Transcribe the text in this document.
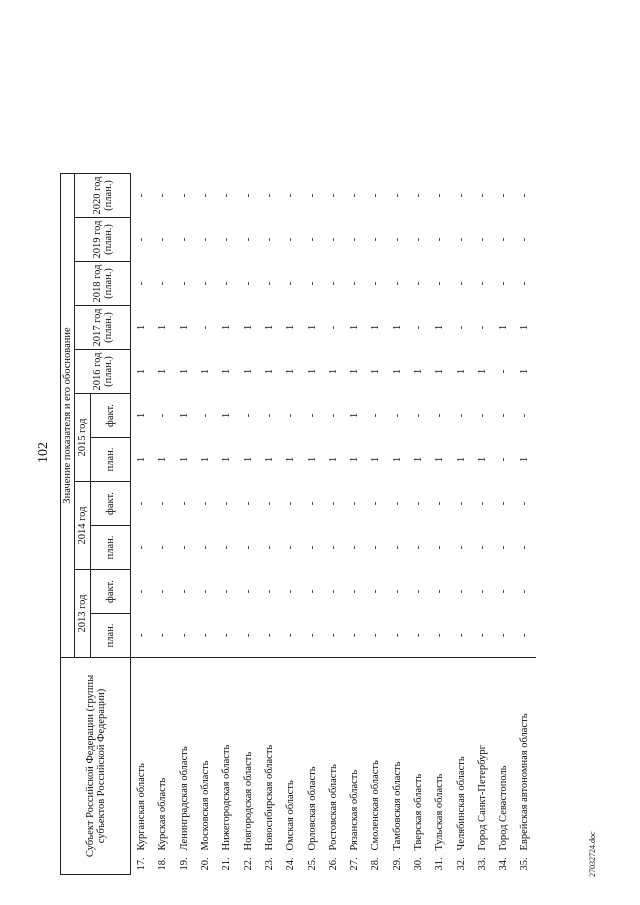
102
Субъект Российской Федерации (группы субъектов Российской Федерации)		Значение показателя и его обоснование										
		2013 год		2014 год		2015 год		2016 год (план.)	2017 год (план.)	2018 год (план.)	2019 год (план.)	2020 год (план.)
		план.	факт.	план.	факт.	план.	факт.					
17.	Курганская область	-	-	-	-	1	1	1	1	-	-	-
18.	Курская область	-	-	-	-	1	-	1	1	-	-	-
19.	Ленинградская область	-	-	-	-	1	1	1	1	-	-	-
20.	Московская область	-	-	-	-	1	-	1	-	-	-	-
21.	Нижегородская область	-	-	-	-	1	1	1	1	-	-	-
22.	Новгородская область	-	-	-	-	1	-	1	1	-	-	-
23.	Новосибирская область	-	-	-	-	1	-	1	1	-	-	-
24.	Омская область	-	-	-	-	1	-	1	1	-	-	-
25.	Орловская область	-	-	-	-	1	-	1	1	-	-	-
26.	Ростовская область	-	-	-	-	1	-	1	-	-	-	-
27.	Рязанская область	-	-	-	-	1	1	1	1	-	-	-
28.	Смоленская область	-	-	-	-	1	-	1	1	-	-	-
29.	Тамбовская область	-	-	-	-	1	-	1	1	-	-	-
30.	Тверская область	-	-	-	-	1	-	1	-	-	-	-
31.	Тульская область	-	-	-	-	1	-	1	1	-	-	-
32.	Челябинская область	-	-	-	-	1	-	1	-	-	-	-
33.	Город Санкт-Петербург	-	-	-	-	1	-	1	-	-	-	-
34.	Город Севастополь	-	-	-	-	-	-	-	1	-	-	-
35.	Еврейская автономная область	-	-	-	-	1	-	1	1	-	-	-
27032724.doc
